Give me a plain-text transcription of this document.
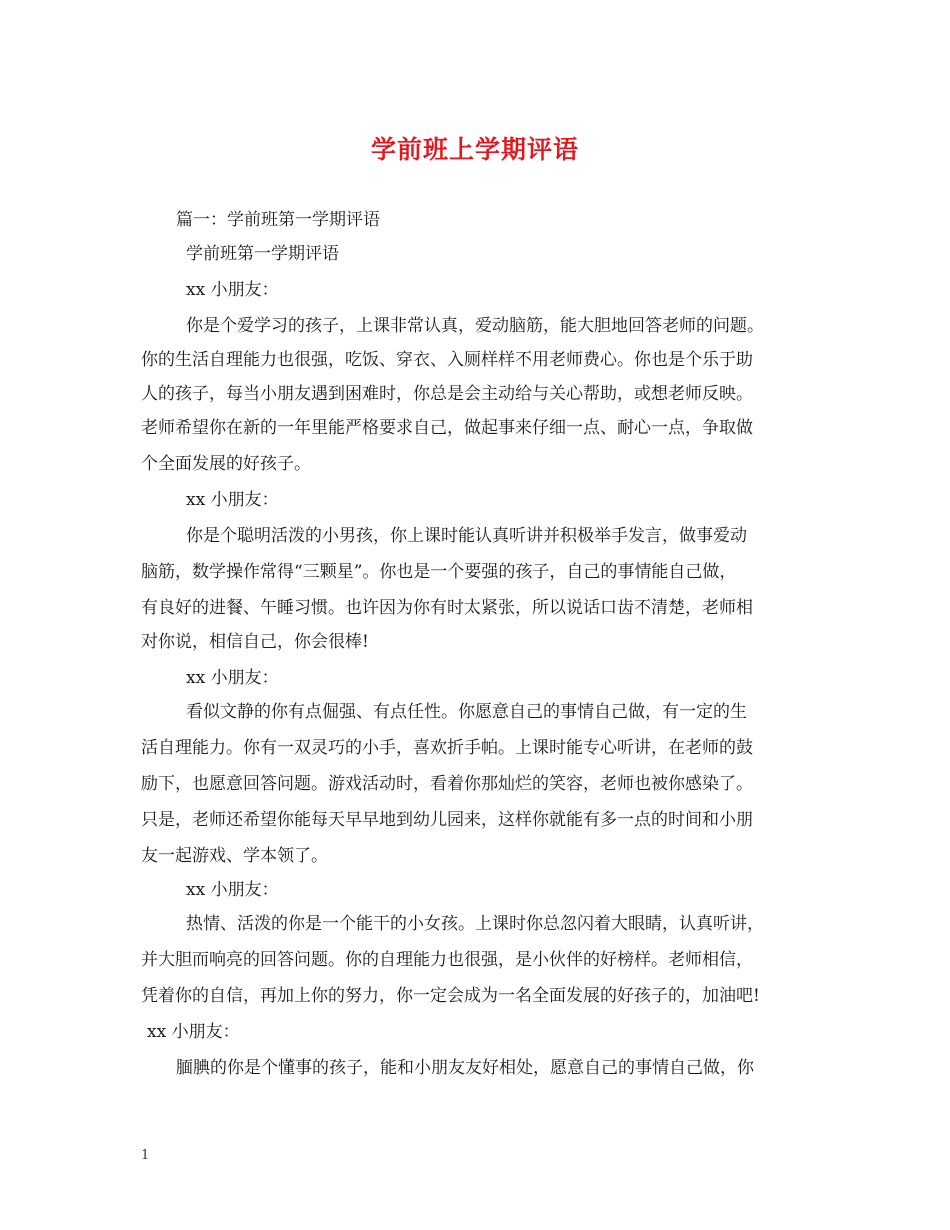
学前班上学期评语
篇一：学前班第一学期评语
学前班第一学期评语
xx 小朋友：
你是个爱学习的孩子，上课非常认真，爱动脑筋，能大胆地回答老师的问题。
你的生活自理能力也很强，吃饭、穿衣、入厕样样不用老师费心。你也是个乐于助
人的孩子，每当小朋友遇到困难时，你总是会主动给与关心帮助，或想老师反映。
老师希望你在新的一年里能严格要求自己，做起事来仔细一点、耐心一点，争取做
个全面发展的好孩子。
xx 小朋友：
你是个聪明活泼的小男孩，你上课时能认真听讲并积极举手发言，做事爱动
脑筋，数学操作常得“三颗星”。你也是一个要强的孩子，自己的事情能自己做，
有良好的进餐、午睡习惯。也许因为你有时太紧张，所以说话口齿不清楚，老师相
对你说，相信自己，你会很棒!
xx 小朋友：
看似文静的你有点倔强、有点任性。你愿意自己的事情自己做，有一定的生
活自理能力。你有一双灵巧的小手，喜欢折手帕。上课时能专心听讲，在老师的鼓
励下，也愿意回答问题。游戏活动时，看着你那灿烂的笑容，老师也被你感染了。
只是，老师还希望你能每天早早地到幼儿园来，这样你就能有多一点的时间和小朋
友一起游戏、学本领了。
xx 小朋友：
热情、活泼的你是一个能干的小女孩。上课时你总忽闪着大眼睛，认真听讲，
并大胆而响亮的回答问题。你的自理能力也很强，是小伙伴的好榜样。老师相信，
凭着你的自信，再加上你的努力，你一定会成为一名全面发展的好孩子的，加油吧!
xx 小朋友：
腼腆的你是个懂事的孩子，能和小朋友友好相处，愿意自己的事情自己做，你
1
